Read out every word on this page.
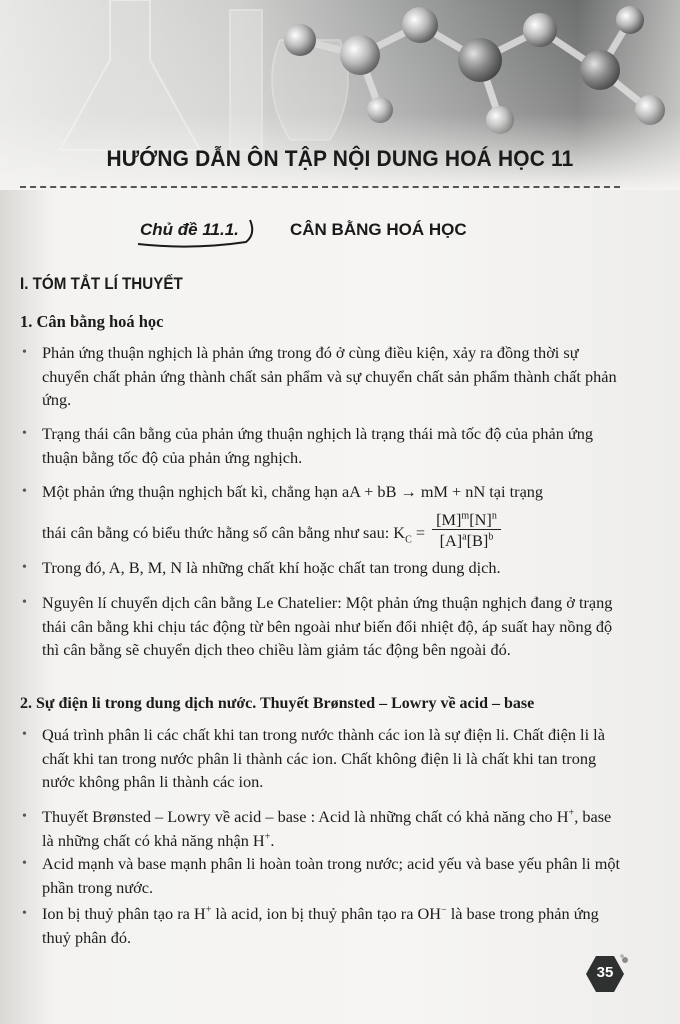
HƯỚNG DẪN ÔN TẬP NỘI DUNG HOÁ HỌC 11
Chủ đề 11.1.	CÂN BẰNG HOÁ HỌC
I. TÓM TẮT LÍ THUYẾT
1. Cân bằng hoá học
• Phản ứng thuận nghịch là phản ứng trong đó ở cùng điều kiện, xảy ra đồng thời sự chuyển chất phản ứng thành chất sản phẩm và sự chuyển chất sản phẩm thành chất phản ứng.
• Trạng thái cân bằng của phản ứng thuận nghịch là trạng thái mà tốc độ của phản ứng thuận bằng tốc độ của phản ứng nghịch.
• Một phản ứng thuận nghịch bất kì, chẳng hạn aA + bB → mM + nN tại trạng
thái cân bằng có biểu thức hằng số cân bằng như sau: $K_C = \frac{[M]^m[N]^n}{[A]^a[B]^b}$
• Trong đó, A, B, M, N là những chất khí hoặc chất tan trong dung dịch.
• Nguyên lí chuyển dịch cân bằng Le Chatelier: Một phản ứng thuận nghịch đang ở trạng thái cân bằng khi chịu tác động từ bên ngoài như biến đổi nhiệt độ, áp suất hay nồng độ thì cân bằng sẽ chuyển dịch theo chiều làm giảm tác động bên ngoài đó.
2. Sự điện li trong dung dịch nước. Thuyết Brønsted – Lowry về acid – base
• Quá trình phân li các chất khi tan trong nước thành các ion là sự điện li. Chất điện li là chất khi tan trong nước phân li thành các ion. Chất không điện li là chất khi tan trong nước không phân li thành các ion.
• Thuyết Brønsted – Lowry về acid – base : Acid là những chất có khả năng cho H+, base là những chất có khả năng nhận H+.
• Acid mạnh và base mạnh phân li hoàn toàn trong nước; acid yếu và base yếu phân li một phần trong nước.
• Ion bị thuỷ phân tạo ra H+ là acid, ion bị thuỷ phân tạo ra OH− là base trong phản ứng thuỷ phân đó.
35
